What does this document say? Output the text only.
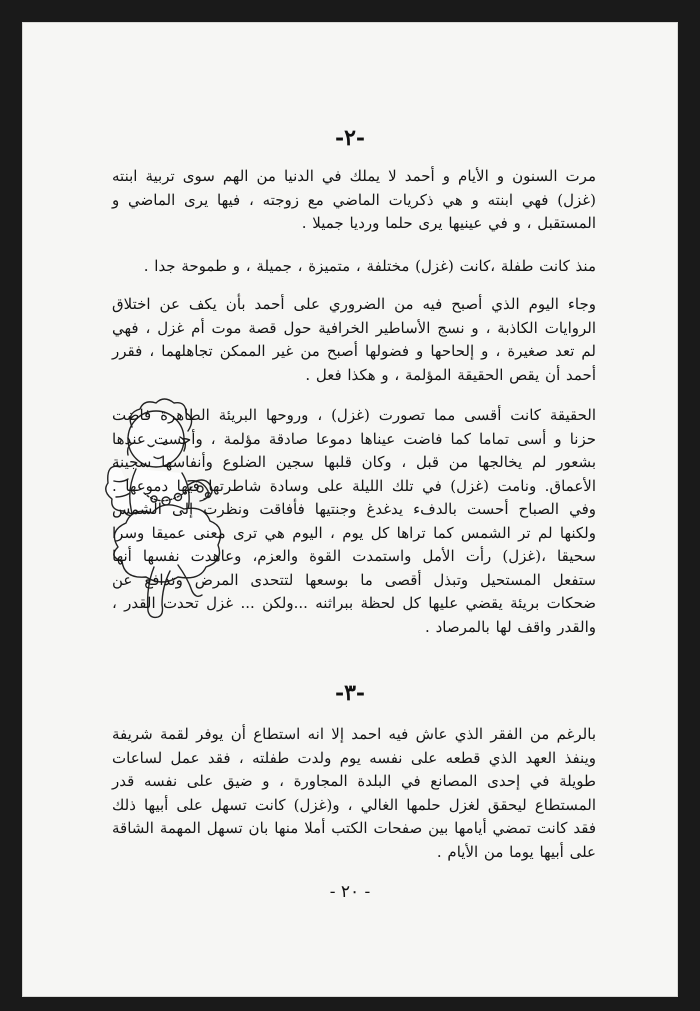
-٢-
مرت السنون و الأيام و أحمد لا يملك في الدنيا من الهم سوى تربية ابنته (غزل) فهي ابنته و هي ذكريات الماضي مع زوجته ، فيها يرى الماضي و المستقبل ، و في عينيها يرى حلما ورديا جميلا .
منذ كانت طفلة ،كانت (غزل) مختلفة ، متميزة ، جميلة ، و طموحة جدا .
وجاء اليوم الذي أصبح فيه من الضروري على أحمد بأن يكف عن اختلاق الروايات الكاذبة ، و نسج الأساطير الخرافية حول قصة موت أم غزل ، فهي لم تعد صغيرة ، و إلحاحها و فضولها أصبح من غير الممكن تجاهلهما ، فقرر أحمد أن يقص الحقيقة المؤلمة ، و هكذا فعل .
الحقيقة كانت أقسى مما تصورت (غزل) ، وروحها البريئة الطاهرة فاضت حزنا و أسى تماما كما فاضت عيناها دموعا صادقة مؤلمة ، وأحست عندها بشعور لم يخالجها من قبل ، وكان قلبها سجين الضلوع وأنفاسها سجينة الأعماق. ونامت (غزل) في تلك الليلة على وسادة شاطرتها فيها دموعها . وفي الصباح أحست بالدفء يدغدغ وجنتيها فأفاقت ونظرت إلى الشمس ولكنها لم تر الشمس كما تراها كل يوم ، اليوم هي ترى معنى عميقا وسرا سحيقا ،(غزل) رأت الأمل واستمدت القوة والعزم، وعاهدت نفسها أنها ستفعل المستحيل وتبذل أقصى ما بوسعها لتتحدى المرض وتدافع عن ضحكات بريئة يقضي عليها كل لحظة ببراثنه ...ولكن ... غزل تحدت القدر ، والقدر واقف لها بالمرصاد .
-٣-
بالرغم من الفقر الذي عاش فيه احمد إلا انه استطاع أن يوفر لقمة شريفة وينفذ العهد الذي قطعه على نفسه يوم ولدت طفلته ، فقد عمل لساعات طويلة في إحدى المصانع في البلدة المجاورة ، و ضيق على نفسه قدر المستطاع ليحقق لغزل حلمها الغالي ، و(غزل) كانت تسهل على أبيها ذلك فقد كانت تمضي أيامها بين صفحات الكتب أملا منها بان تسهل المهمة الشاقة على أبيها يوما من الأيام .
- ٢٠ -
